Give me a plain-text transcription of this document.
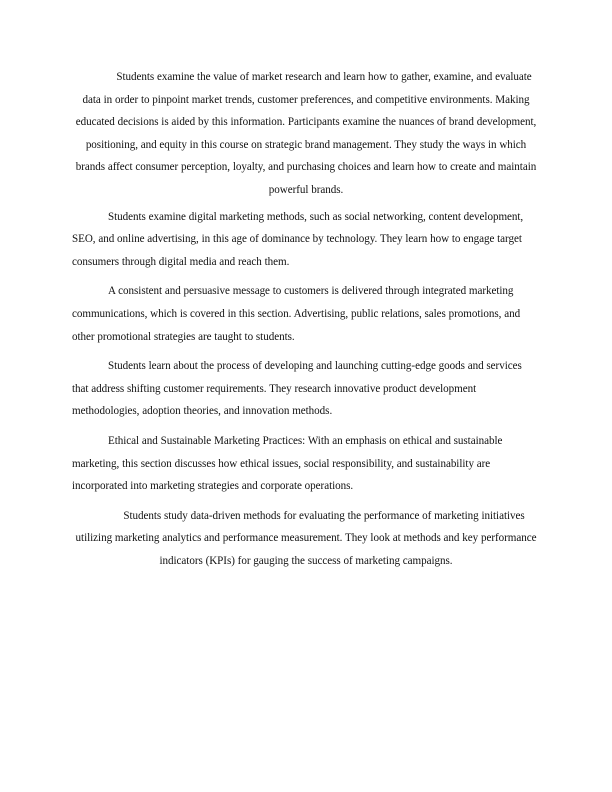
Students examine the value of market research and learn how to gather, examine, and evaluate data in order to pinpoint market trends, customer preferences, and competitive environments. Making educated decisions is aided by this information. Participants examine the nuances of brand development, positioning, and equity in this course on strategic brand management. They study the ways in which brands affect consumer perception, loyalty, and purchasing choices and learn how to create and maintain powerful brands.

Students examine digital marketing methods, such as social networking, content development, SEO, and online advertising, in this age of dominance by technology. They learn how to engage target consumers through digital media and reach them.

A consistent and persuasive message to customers is delivered through integrated marketing communications, which is covered in this section. Advertising, public relations, sales promotions, and other promotional strategies are taught to students.

Students learn about the process of developing and launching cutting-edge goods and services that address shifting customer requirements. They research innovative product development methodologies, adoption theories, and innovation methods.

Ethical and Sustainable Marketing Practices: With an emphasis on ethical and sustainable marketing, this section discusses how ethical issues, social responsibility, and sustainability are incorporated into marketing strategies and corporate operations.

Students study data-driven methods for evaluating the performance of marketing initiatives utilizing marketing analytics and performance measurement. They look at methods and key performance indicators (KPIs) for gauging the success of marketing campaigns.
